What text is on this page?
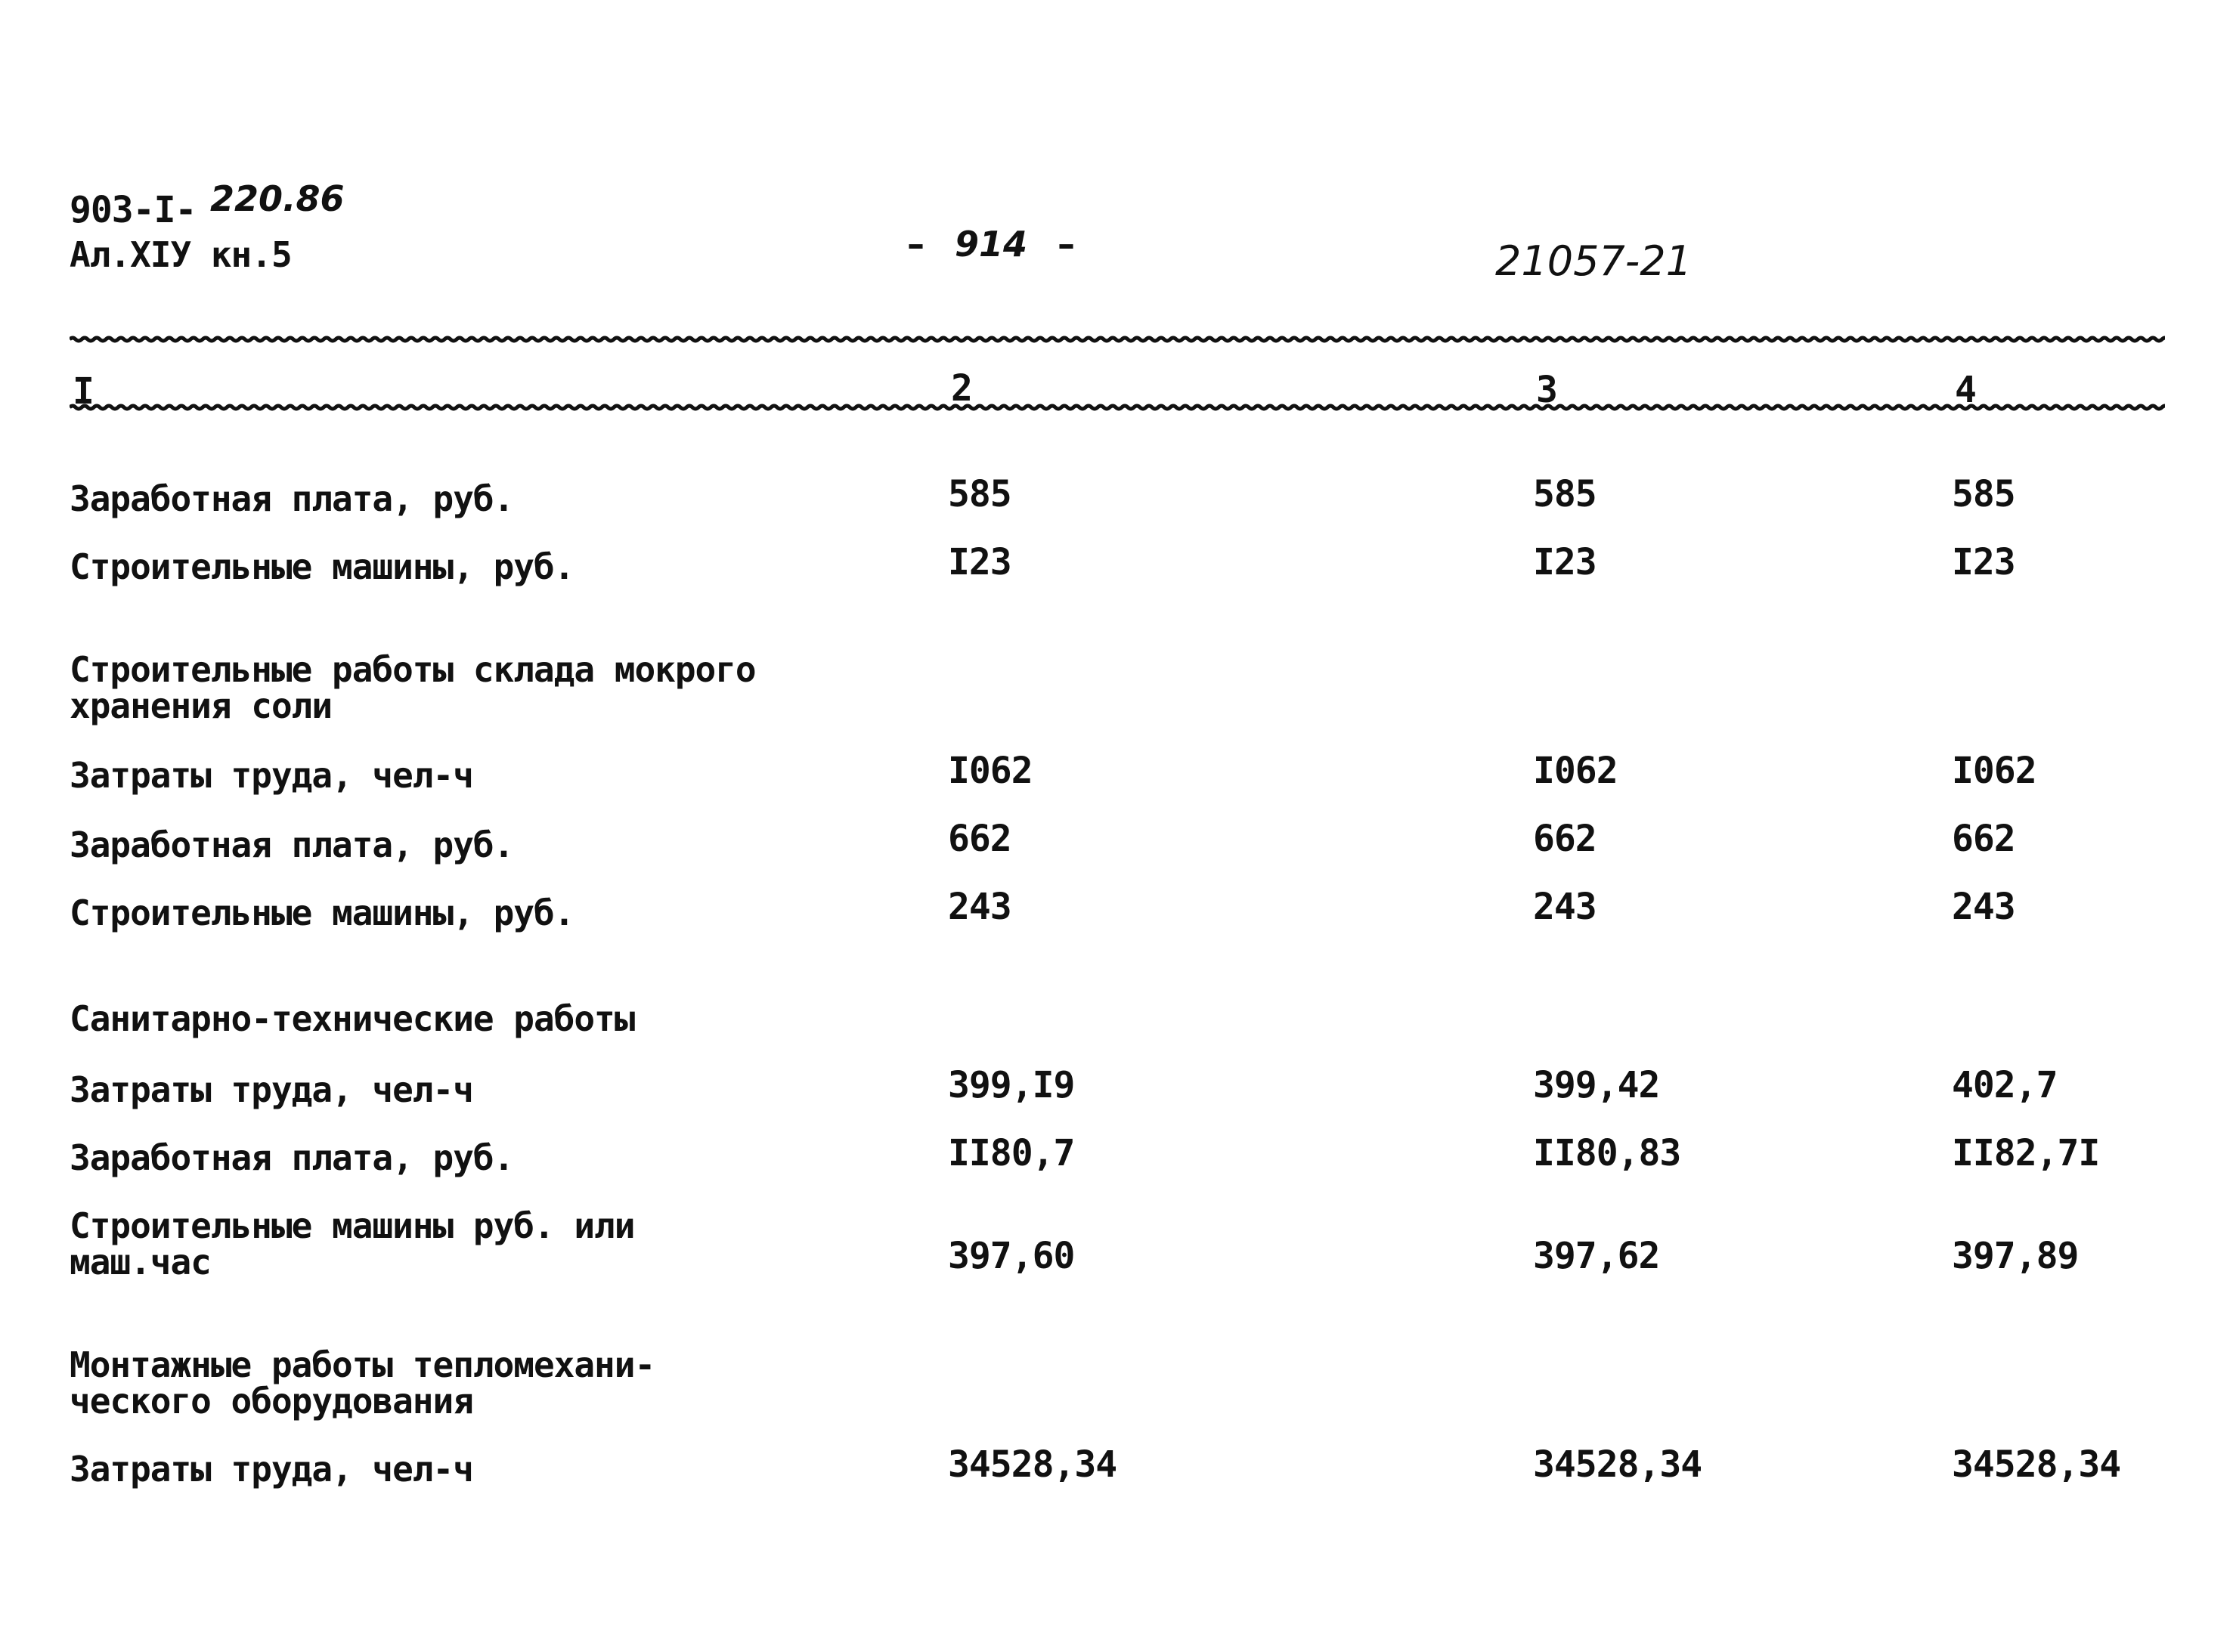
903-I- 220.86
Ал.XIУ кн.5	– 914 –	21057-21
I	2	3	4
Заработная плата, руб.	585	585	585
Строительные машины, руб.	I23	I23	I23
Строительные работы склада мокрого
хранения соли
Затраты труда, чел-ч	I062	I062	I062
Заработная плата, руб.	662	662	662
Строительные машины, руб.	243	243	243
Санитарно-технические работы
Затраты труда, чел-ч	399,I9	399,42	402,7
Заработная плата, руб.	II80,7	II80,83	II82,7I
Строительные машины руб. или
маш.час	397,60	397,62	397,89
Монтажные работы тепломехани-
ческого оборудования
Затраты труда, чел-ч	34528,34	34528,34	34528,34
